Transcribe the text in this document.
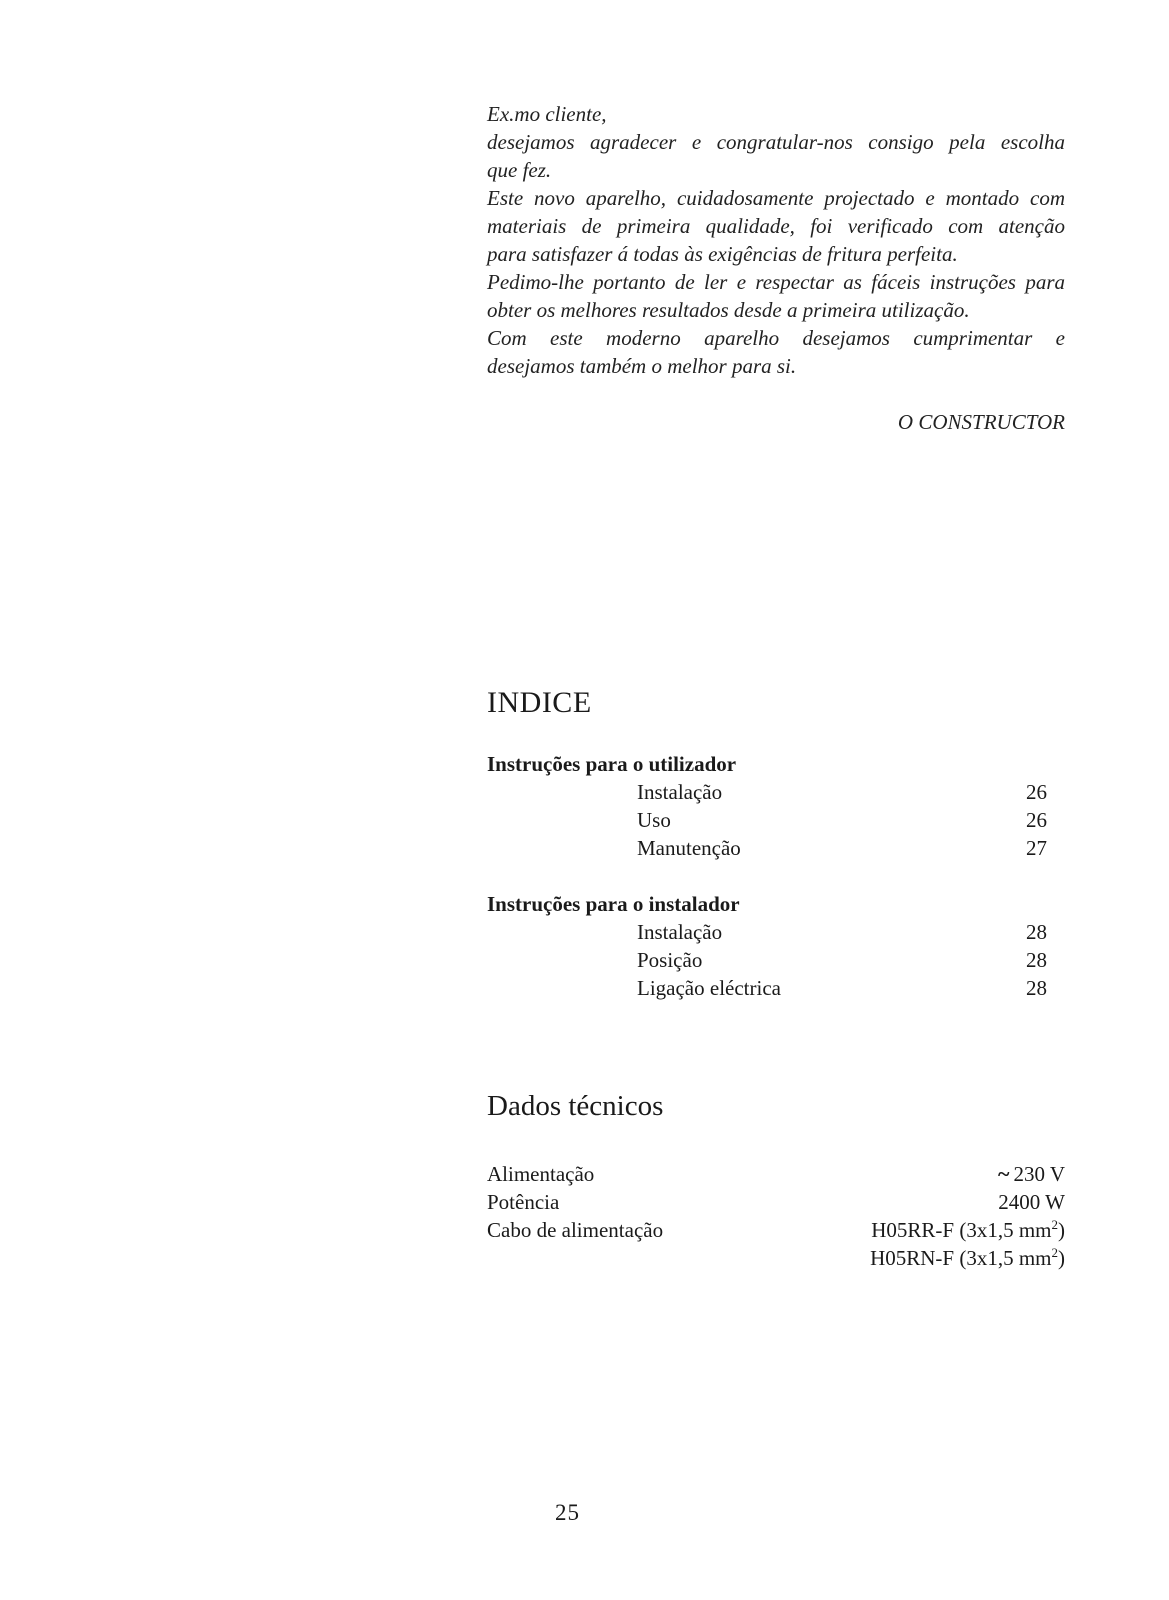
Ex.mo cliente,

desejamos agradecer e congratular-nos consigo pela escolha

que fez.

Este novo aparelho, cuidadosamente projectado e montado com

materiais de primeira qualidade, foi verificado com atenção

para satisfazer á todas às exigências de fritura perfeita.

Pedimo-lhe portanto de ler e respectar as fáceis instruções para

obter os melhores resultados desde a primeira utilização.

Com este moderno aparelho desejamos cumprimentar e

desejamos também o melhor para si.

O CONSTRUCTOR
INDICE
Instruções para o utilizador
Instalação	26
Uso	26
Manutenção	27
Instruções para o instalador
Instalação	28
Posição	28
Ligação eléctrica	28
Dados técnicos
Alimentação	~ 230 V
Potência	2400 W
Cabo de alimentação	H05RR-F (3x1,5 $mm^2$)
H05RN-F (3x1,5 $mm^2$)
25
